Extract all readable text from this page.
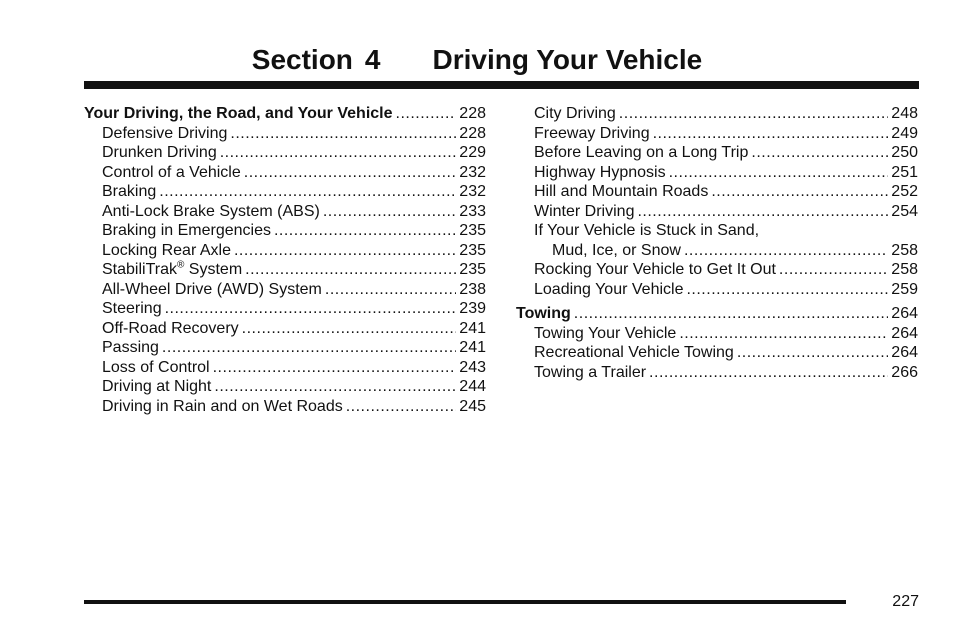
Section 4 Driving Your Vehicle
Your Driving, the Road, and Your Vehicle .....	228
Defensive Driving .....	228
Drunken Driving .....	229
Control of a Vehicle .....	232
Braking .....	232
Anti-Lock Brake System (ABS) .....	233
Braking in Emergencies .....	235
Locking Rear Axle .....	235
StabiliTrak® System .....	235
All-Wheel Drive (AWD) System .....	238
Steering .....	239
Off-Road Recovery .....	241
Passing .....	241
Loss of Control .....	243
Driving at Night .....	244
Driving in Rain and on Wet Roads .....	245
City Driving .....	248
Freeway Driving .....	249
Before Leaving on a Long Trip .....	250
Highway Hypnosis .....	251
Hill and Mountain Roads .....	252
Winter Driving .....	254
If Your Vehicle is Stuck in Sand,
Mud, Ice, or Snow .....	258
Rocking Your Vehicle to Get It Out .....	258
Loading Your Vehicle .....	259
Towing .....	264
Towing Your Vehicle .....	264
Recreational Vehicle Towing .....	264
Towing a Trailer .....	266
227
